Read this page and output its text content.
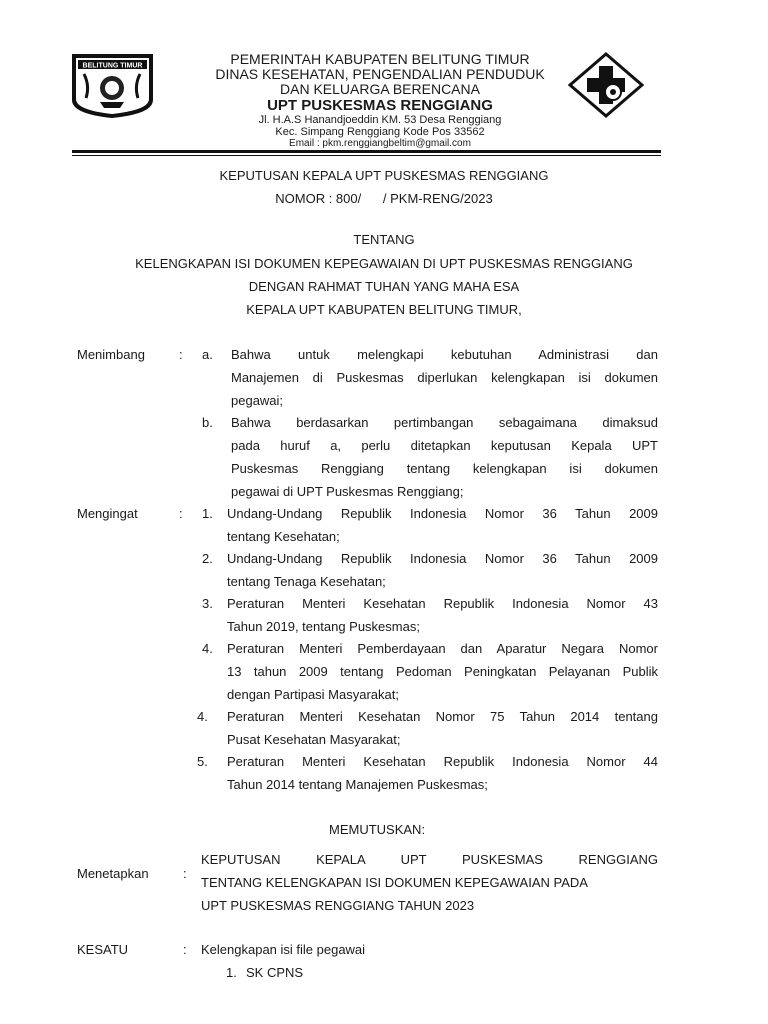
BELITUNG TIMUR	PEMERINTAH KABUPATEN BELITUNG TIMUR
DINAS KESEHATAN, PENGENDALIAN PENDUDUK
DAN KELUARGA BERENCANA
UPT PUSKESMAS RENGGIANG
Jl. H.A.S Hanandjoeddin KM. 53 Desa Renggiang
Kec. Simpang Renggiang Kode Pos 33562
Email : pkm.renggiangbeltim@gmail.com
KEPUTUSAN KEPALA UPT PUSKESMAS RENGGIANG
NOMOR : 800/      / PKM-RENG/2023
TENTANG
KELENGKAPAN ISI DOKUMEN KEPEGAWAIAN DI UPT PUSKESMAS RENGGIANG
DENGAN RAHMAT TUHAN YANG MAHA ESA
KEPALA UPT KABUPATEN BELITUNG TIMUR,
Menimbang	: a. Bahwa untuk melengkapi kebutuhan Administrasi dan
Manajemen di Puskesmas diperlukan kelengkapan isi dokumen
pegawai;
b. Bahwa berdasarkan pertimbangan sebagaimana dimaksud
pada huruf a, perlu ditetapkan keputusan Kepala UPT
Puskesmas Renggiang tentang kelengkapan isi dokumen
pegawai di UPT Puskesmas Renggiang;
Mengingat	: 1. Undang-Undang Republik Indonesia Nomor 36 Tahun 2009
tentang Kesehatan;
2. Undang-Undang Republik Indonesia Nomor 36 Tahun 2009
tentang Tenaga Kesehatan;
3. Peraturan Menteri Kesehatan Republik Indonesia Nomor 43
Tahun 2019, tentang Puskesmas;
4. Peraturan Menteri Pemberdayaan dan Aparatur Negara Nomor
13 tahun 2009 tentang Pedoman Peningkatan Pelayanan Publik
dengan Partipasi Masyarakat;
4. Peraturan Menteri Kesehatan Nomor 75 Tahun 2014 tentang
Pusat Kesehatan Masyarakat;
5. Peraturan Menteri Kesehatan Republik Indonesia Nomor 44
Tahun 2014 tentang Manajemen Puskesmas;
MEMUTUSKAN:
Menetapkan	:
KEPUTUSAN KEPALA UPT PUSKESMAS RENGGIANG
TENTANG KELENGKAPAN ISI DOKUMEN KEPEGAWAIAN PADA
UPT PUSKESMAS RENGGIANG TAHUN 2023
KESATU	: Kelengkapan isi file pegawai
1. SK CPNS
